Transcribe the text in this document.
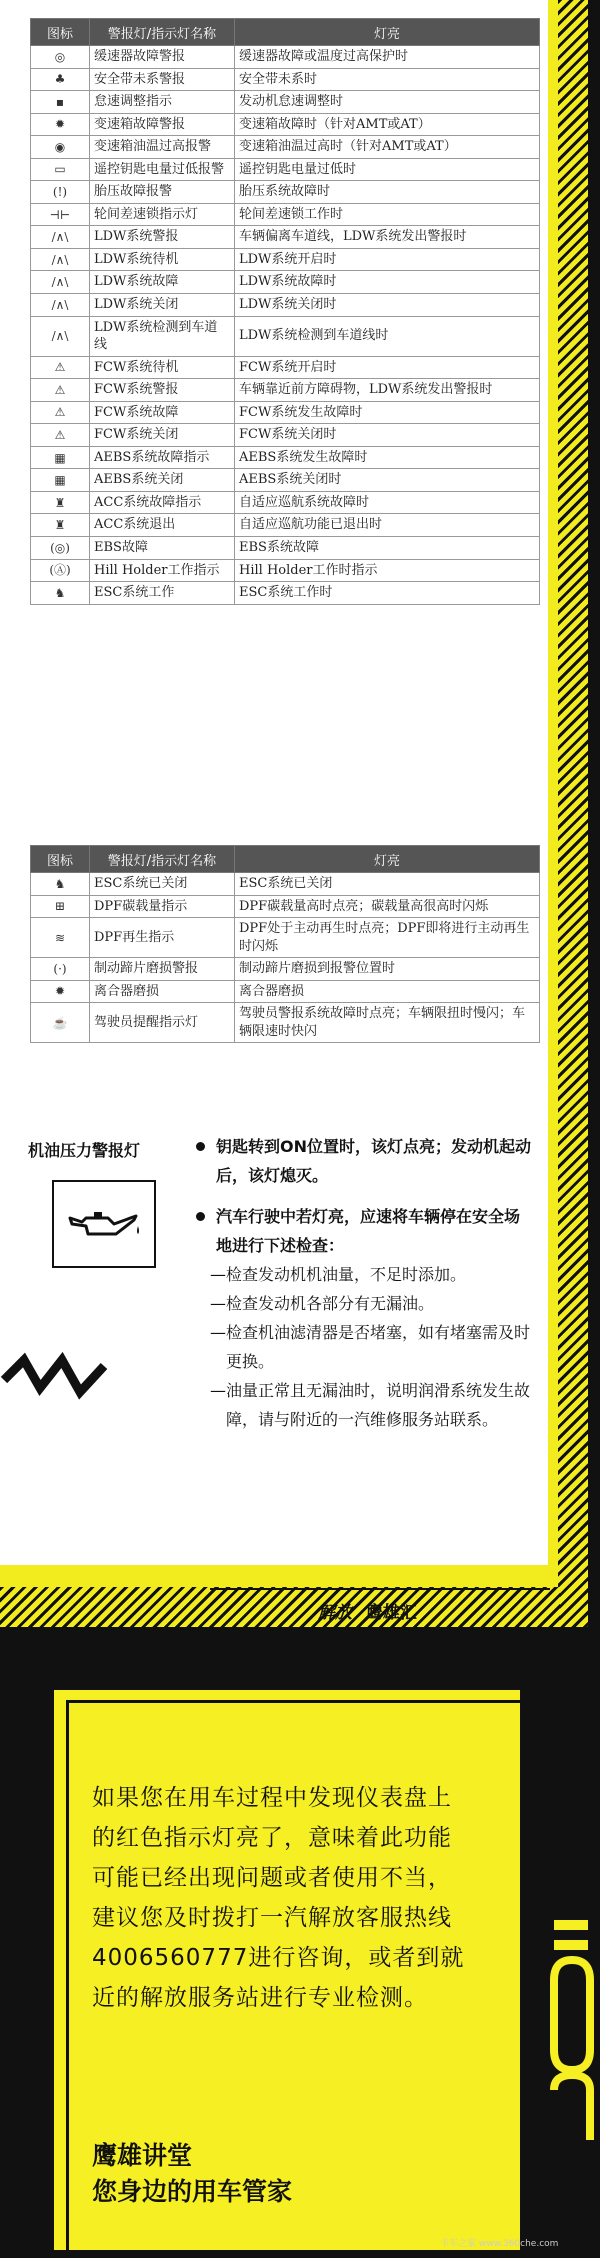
图标	警报灯/指示灯名称	灯亮
◎	缓速器故障警报	缓速器故障或温度过高保护时
♣	安全带未系警报	安全带未系时
▪	怠速调整指示	发动机怠速调整时
✹	变速箱故障警报	变速箱故障时（针对AMT或AT）
◉	变速箱油温过高报警	变速箱油温过高时（针对AMT或AT）
▭	遥控钥匙电量过低报警	遥控钥匙电量过低时
(!)	胎压故障报警	胎压系统故障时
⊣⊢	轮间差速锁指示灯	轮间差速锁工作时
/∧\	LDW系统警报	车辆偏离车道线，LDW系统发出警报时
/∧\	LDW系统待机	LDW系统开启时
/∧\	LDW系统故障	LDW系统故障时
/∧\	LDW系统关闭	LDW系统关闭时
/∧\	LDW系统检测到车道线	LDW系统检测到车道线时
⚠	FCW系统待机	FCW系统开启时
⚠	FCW系统警报	车辆靠近前方障碍物，LDW系统发出警报时
⚠	FCW系统故障	FCW系统发生故障时
⚠	FCW系统关闭	FCW系统关闭时
▦	AEBS系统故障指示	AEBS系统发生故障时
▦	AEBS系统关闭	AEBS系统关闭时
♜	ACC系统故障指示	自适应巡航系统故障时
♜	ACC系统退出	自适应巡航功能已退出时
(◎)	EBS故障	EBS系统故障
(Ⓐ)	Hill Holder工作指示	Hill Holder工作时指示
♞	ESC系统工作	ESC系统工作时
图标	警报灯/指示灯名称	灯亮
♞	ESC系统已关闭	ESC系统已关闭
⊞	DPF碳载量指示	DPF碳载量高时点亮；碳载量高很高时闪烁
≋	DPF再生指示	DPF处于主动再生时点亮；DPF即将进行主动再生时闪烁
(·)	制动蹄片磨损警报	制动蹄片磨损到报警位置时
✹	离合器磨损	离合器磨损
☕	驾驶员提醒指示灯	驾驶员警报系统故障时点亮；车辆限扭时慢闪；车辆限速时快闪
机油压力警报灯	钥匙转到ON位置时，该灯点亮；发动机起动后，该灯熄灭。
汽车行驶中若灯亮，应速将车辆停在安全场地进行下述检查：
—检查发动机机油量，不足时添加。
—检查发动机各部分有无漏油。
—检查机油滤清器是否堵塞，如有堵塞需及时更换。
—油量正常且无漏油时，说明润滑系统发生故障，请与附近的一汽维修服务站联系。
解放 鹰雄汇
如果您在用车过程中发现仪表盘上的红色指示灯亮了，意味着此功能可能已经出现问题或者使用不当，建议您及时拨打一汽解放客服热线4006560777进行咨询，或者到就近的解放服务站进行专业检测。
鹰雄讲堂
您身边的用车管家
卡车之家 www.360che.com
